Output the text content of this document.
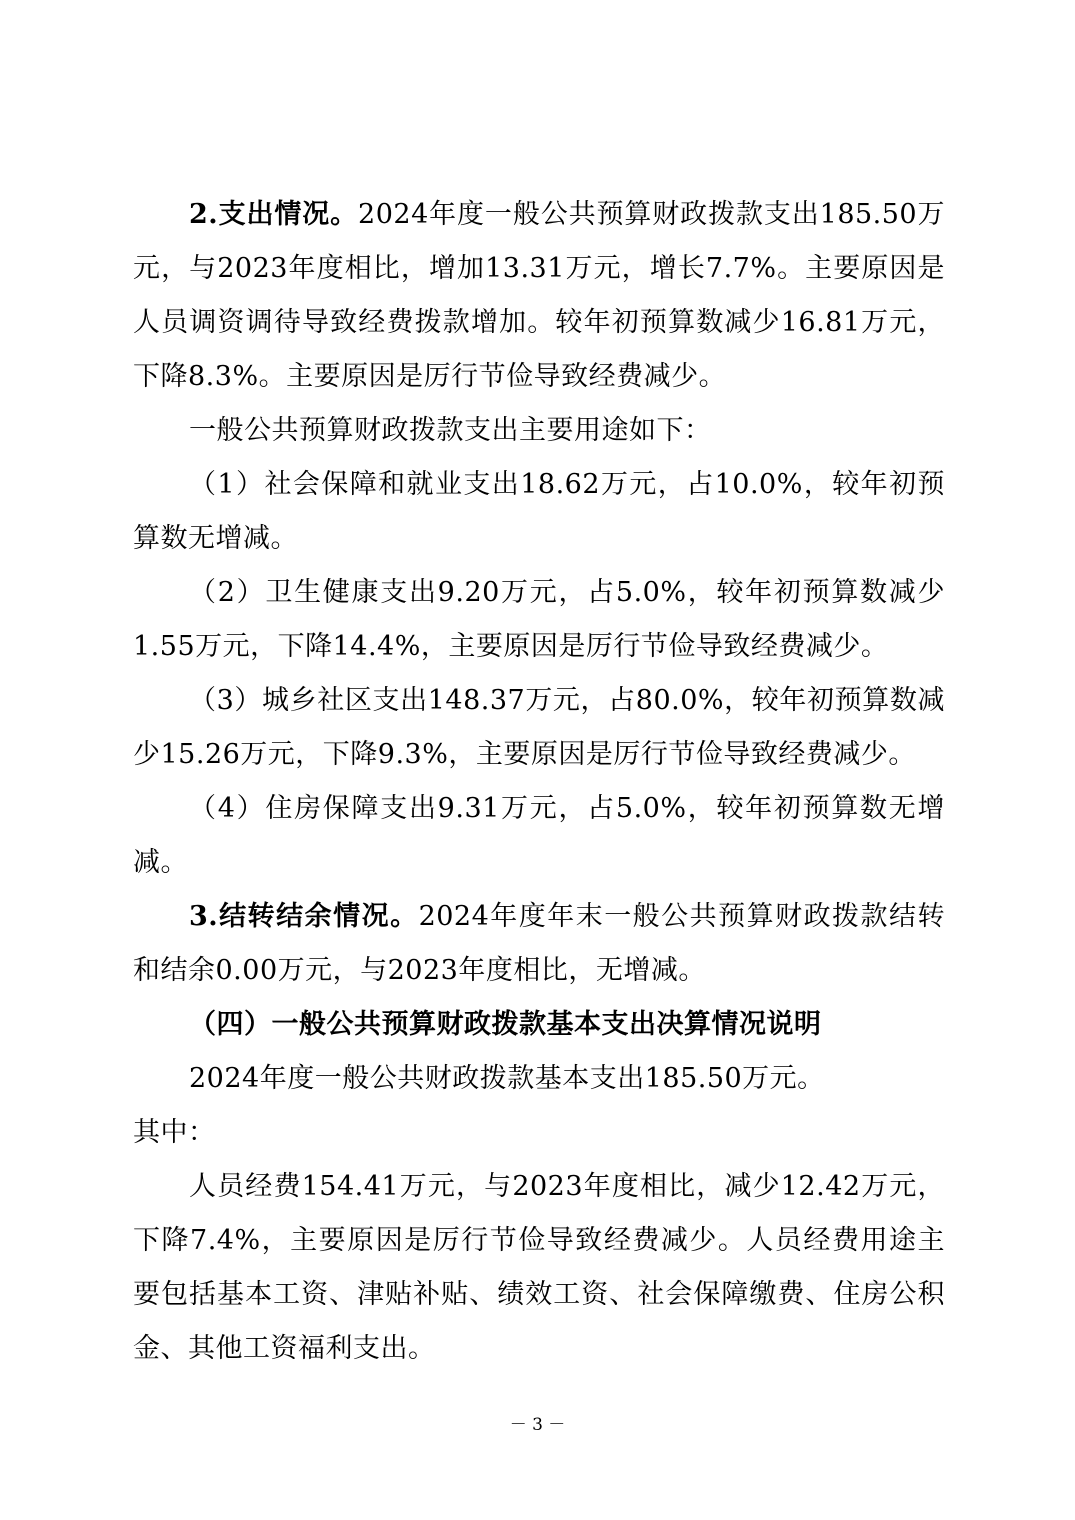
2.支出情况。2024年度一般公共预算财政拨款支出185.50万元，与2023年度相比，增加13.31万元，增长7.7%。主要原因是人员调资调待导致经费拨款增加。较年初预算数减少16.81万元，下降8.3%。主要原因是厉行节俭导致经费减少。

一般公共预算财政拨款支出主要用途如下：

（1）社会保障和就业支出18.62万元，占10.0%，较年初预算数无增减。

（2）卫生健康支出9.20万元，占5.0%，较年初预算数减少1.55万元，下降14.4%，主要原因是厉行节俭导致经费减少。

（3）城乡社区支出148.37万元，占80.0%，较年初预算数减少15.26万元，下降9.3%，主要原因是厉行节俭导致经费减少。

（4）住房保障支出9.31万元，占5.0%，较年初预算数无增减。

3.结转结余情况。2024年度年末一般公共预算财政拨款结转和结余0.00万元，与2023年度相比，无增减。

（四）一般公共预算财政拨款基本支出决算情况说明

2024年度一般公共财政拨款基本支出185.50万元。

其中：

人员经费154.41万元，与2023年度相比，减少12.42万元，下降7.4%，主要原因是厉行节俭导致经费减少。人员经费用途主要包括基本工资、津贴补贴、绩效工资、社会保障缴费、住房公积金、其他工资福利支出。

－ 3 －
